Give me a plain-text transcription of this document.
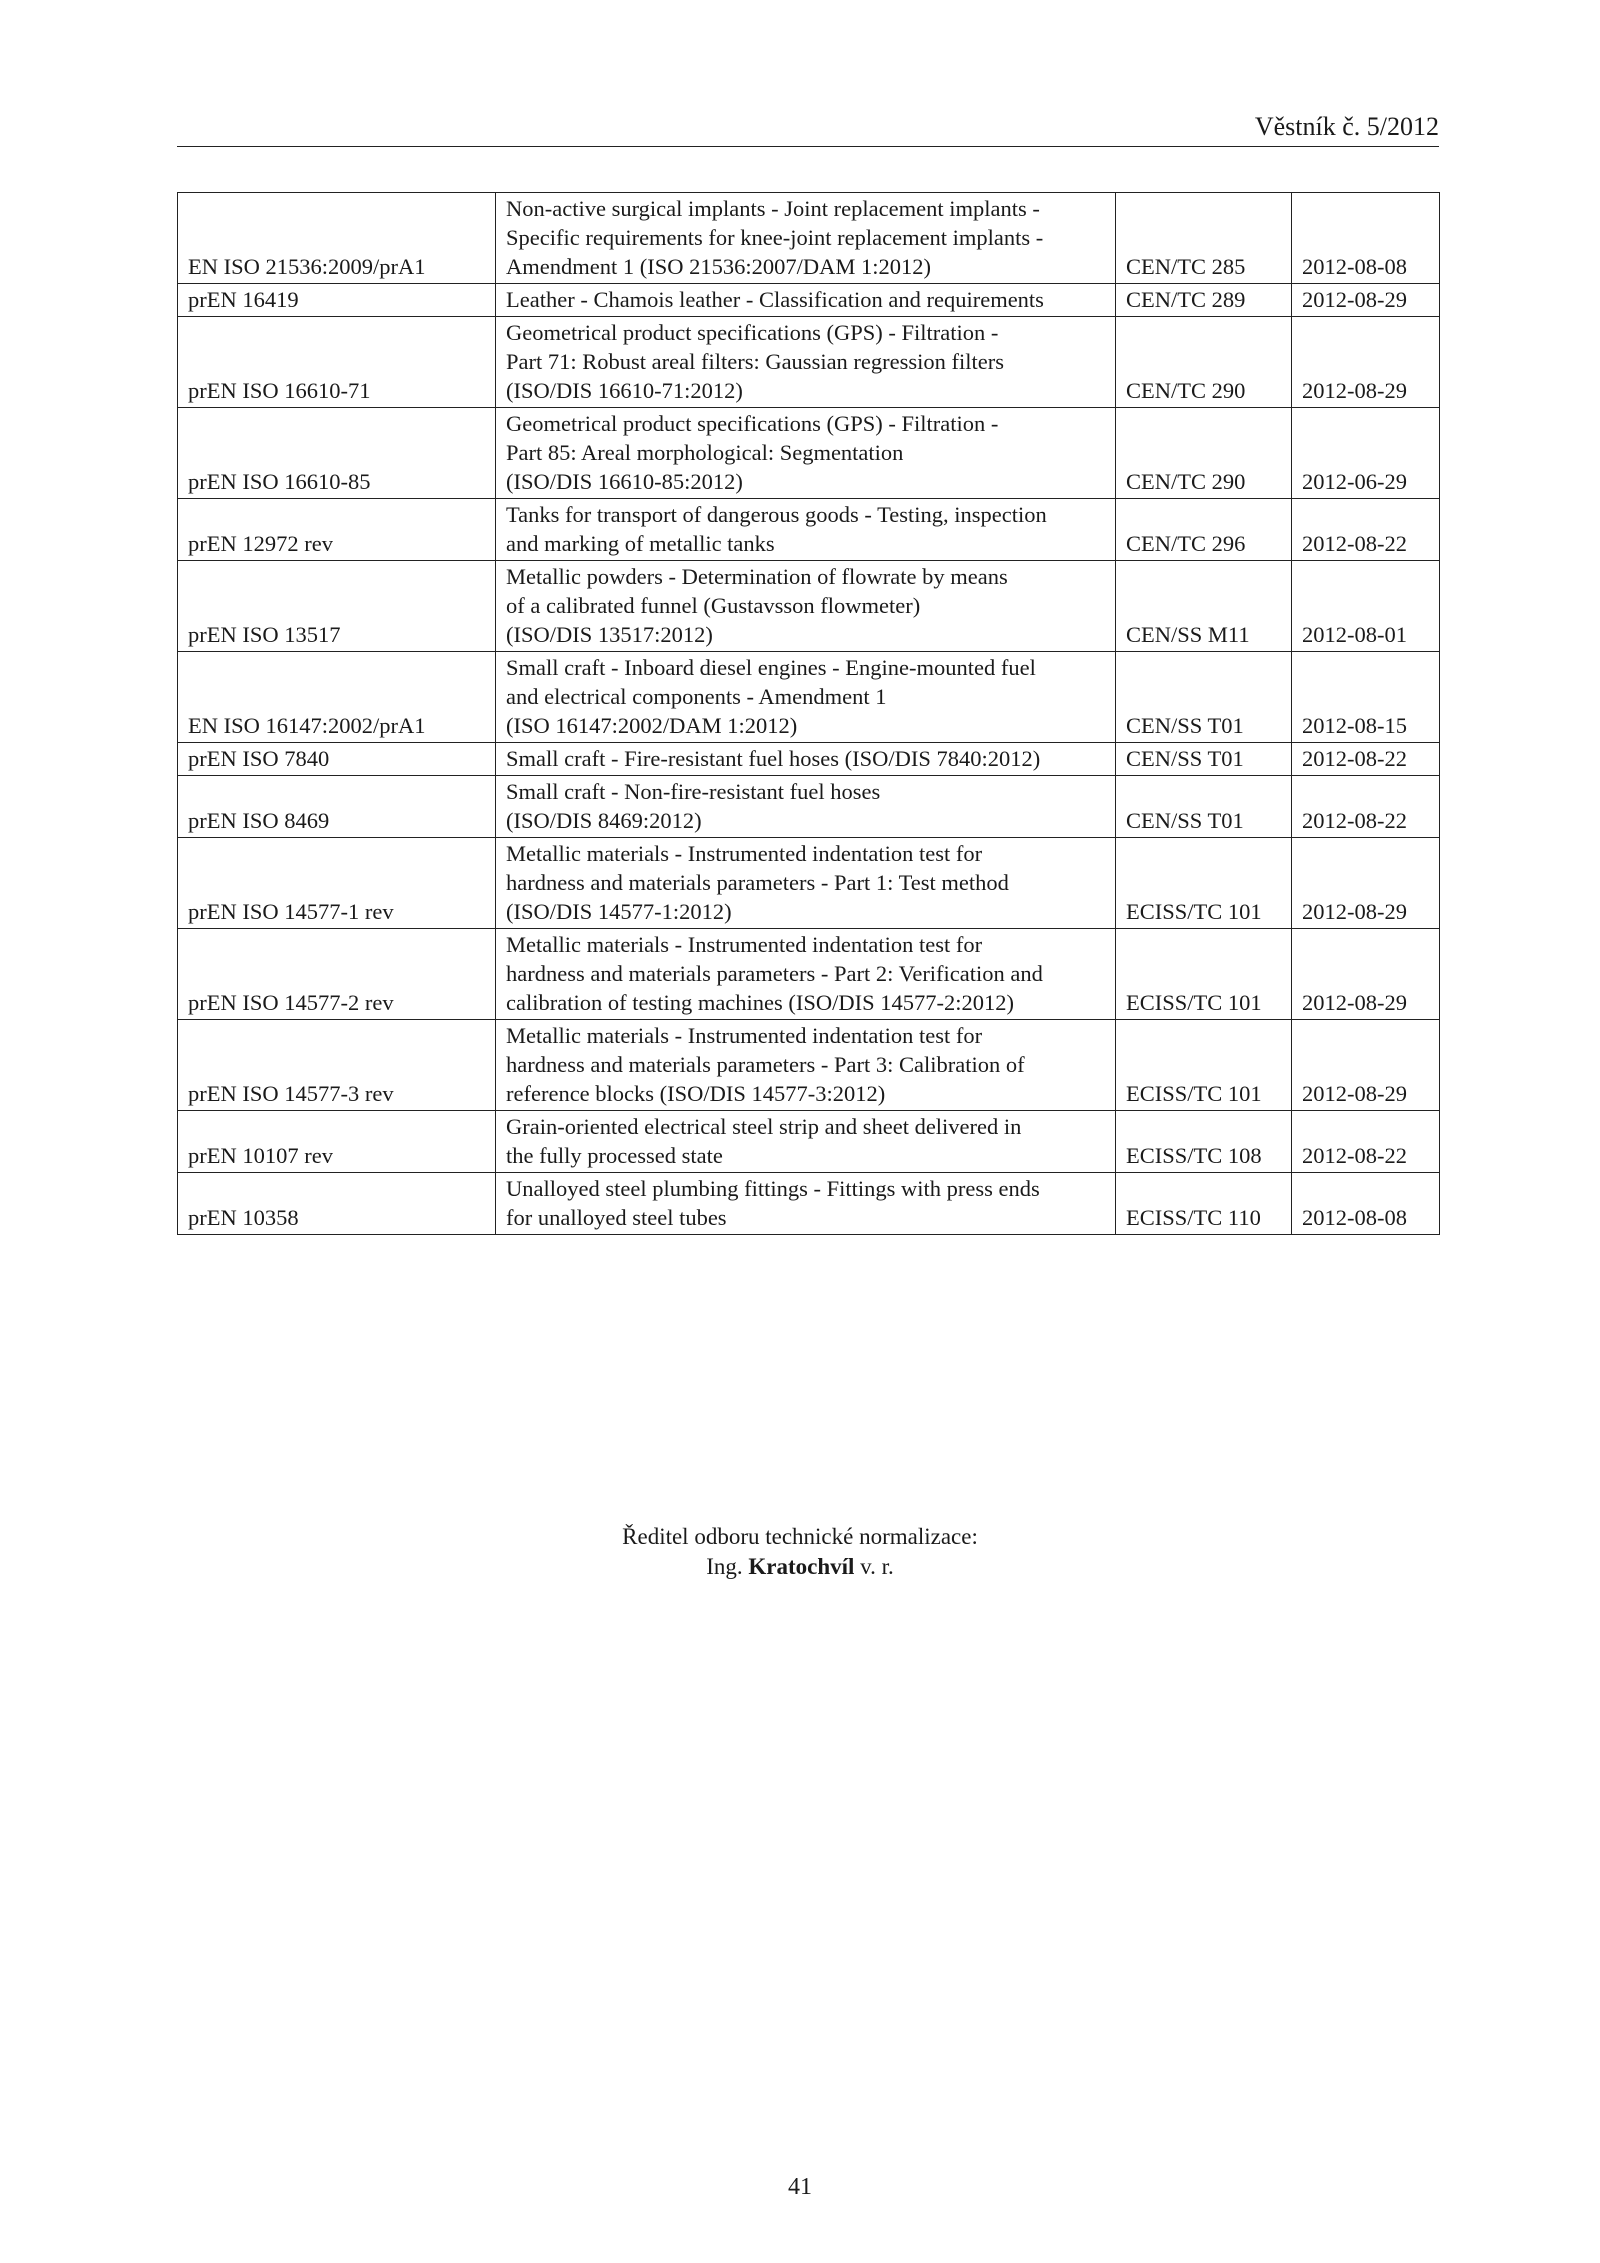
Věstník č. 5/2012
EN ISO 21536:2009/prA1	Non-active surgical implants - Joint replacement implants -
Specific requirements for knee-joint replacement implants -
Amendment 1 (ISO 21536:2007/DAM 1:2012)	CEN/TC 285	2012-08-08
prEN 16419	Leather - Chamois leather - Classification and requirements	CEN/TC 289	2012-08-29
prEN ISO 16610-71	Geometrical product specifications (GPS) - Filtration -
Part 71: Robust areal filters: Gaussian regression filters
(ISO/DIS 16610-71:2012)	CEN/TC 290	2012-08-29
prEN ISO 16610-85	Geometrical product specifications (GPS) - Filtration -
Part 85: Areal morphological: Segmentation
(ISO/DIS 16610-85:2012)	CEN/TC 290	2012-06-29
prEN 12972 rev	Tanks for transport of dangerous goods - Testing, inspection
and marking of metallic tanks	CEN/TC 296	2012-08-22
prEN ISO 13517	Metallic powders - Determination of flowrate by means
of a calibrated funnel (Gustavsson flowmeter)
(ISO/DIS 13517:2012)	CEN/SS M11	2012-08-01
EN ISO 16147:2002/prA1	Small craft - Inboard diesel engines - Engine-mounted fuel
and electrical components - Amendment 1
(ISO 16147:2002/DAM 1:2012)	CEN/SS T01	2012-08-15
prEN ISO 7840	Small craft - Fire-resistant fuel hoses (ISO/DIS 7840:2012)	CEN/SS T01	2012-08-22
prEN ISO 8469	Small craft - Non-fire-resistant fuel hoses
(ISO/DIS 8469:2012)	CEN/SS T01	2012-08-22
prEN ISO 14577-1 rev	Metallic materials - Instrumented indentation test for
hardness and materials parameters - Part 1: Test method
(ISO/DIS 14577-1:2012)	ECISS/TC 101	2012-08-29
prEN ISO 14577-2 rev	Metallic materials - Instrumented indentation test for
hardness and materials parameters - Part 2: Verification and
calibration of testing machines (ISO/DIS 14577-2:2012)	ECISS/TC 101	2012-08-29
prEN ISO 14577-3 rev	Metallic materials - Instrumented indentation test for
hardness and materials parameters - Part 3: Calibration of
reference blocks (ISO/DIS 14577-3:2012)	ECISS/TC 101	2012-08-29
prEN 10107 rev	Grain-oriented electrical steel strip and sheet delivered in
the fully processed state	ECISS/TC 108	2012-08-22
prEN 10358	Unalloyed steel plumbing fittings - Fittings with press ends
for unalloyed steel tubes	ECISS/TC 110	2012-08-08
Ředitel odboru technické normalizace:
Ing. Kratochvíl v. r.
41
